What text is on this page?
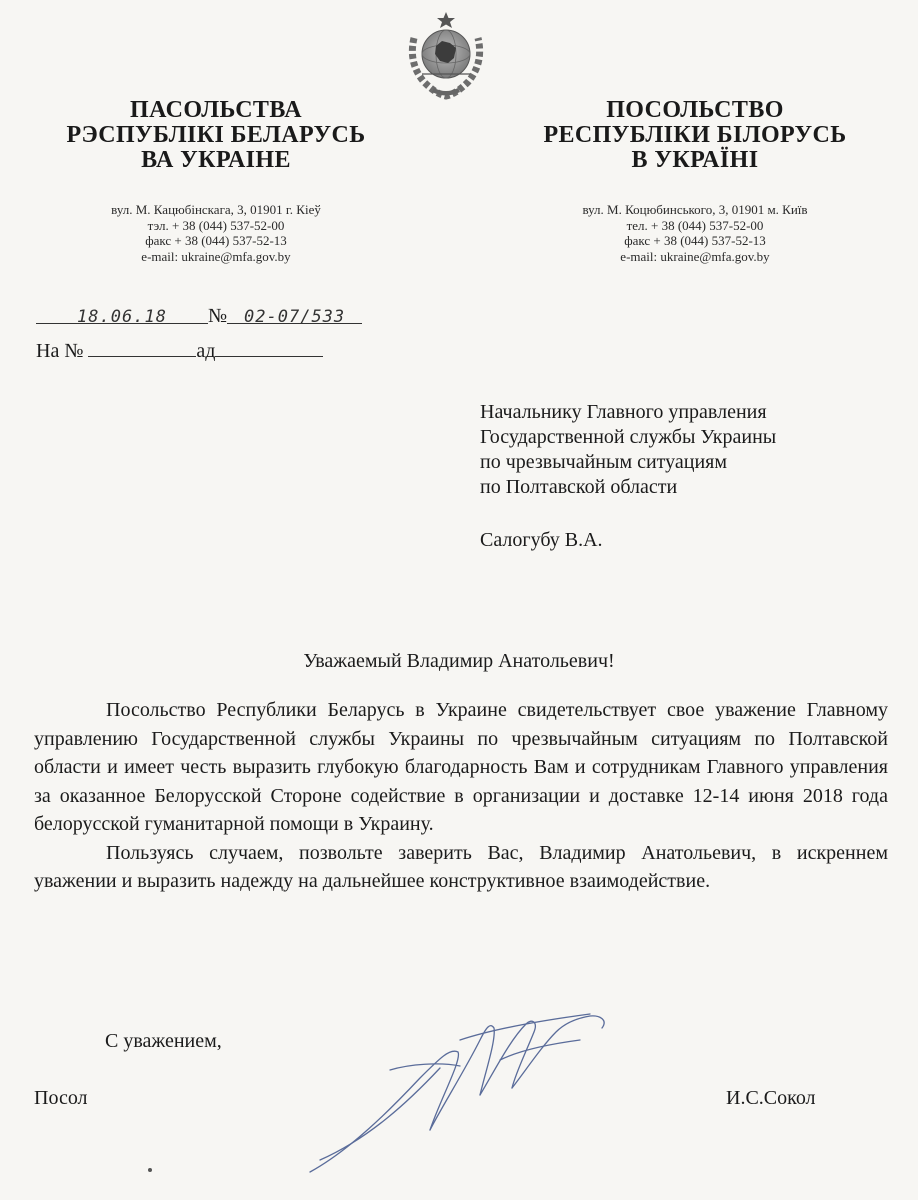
ПАСОЛЬСТВА
РЭСПУБЛІКІ БЕЛАРУСЬ
ВА УКРАІНЕ
вул. М. Кацюбінскага, 3, 01901 г. Кіеў
тэл. + 38 (044) 537-52-00
факс + 38 (044) 537-52-13
e-mail: ukraine@mfa.gov.by
ПОСОЛЬСТВО
РЕСПУБЛІКИ БІЛОРУСЬ
В УКРАЇНІ
вул. М. Коцюбинського, 3, 01901 м. Київ
тел. + 38 (044) 537-52-00
факс + 38 (044) 537-52-13
e-mail: ukraine@mfa.gov.by
18.06.18 № 02-07/533
На №	ад
Начальнику Главного управления
Государственной службы Украины
по чрезвычайным ситуациям
по Полтавской области
Салогубу В.А.
Уважаемый Владимир Анатольевич!

Посольство Республики Беларусь в Украине свидетельствует свое уважение Главному управлению Государственной службы Украины по чрезвычайным ситуациям по Полтавской области и имеет честь выразить глубокую благодарность Вам и сотрудникам Главного управления за оказанное Белорусской Стороне содействие в организации и доставке 12-14 июня 2018 года белорусской гуманитарной помощи в Украину.

Пользуясь случаем, позвольте заверить Вас, Владимир Анатольевич, в искреннем уважении и выразить надежду на дальнейшее конструктивное взаимодействие.

С уважением,
Посол	И.С.Сокол
